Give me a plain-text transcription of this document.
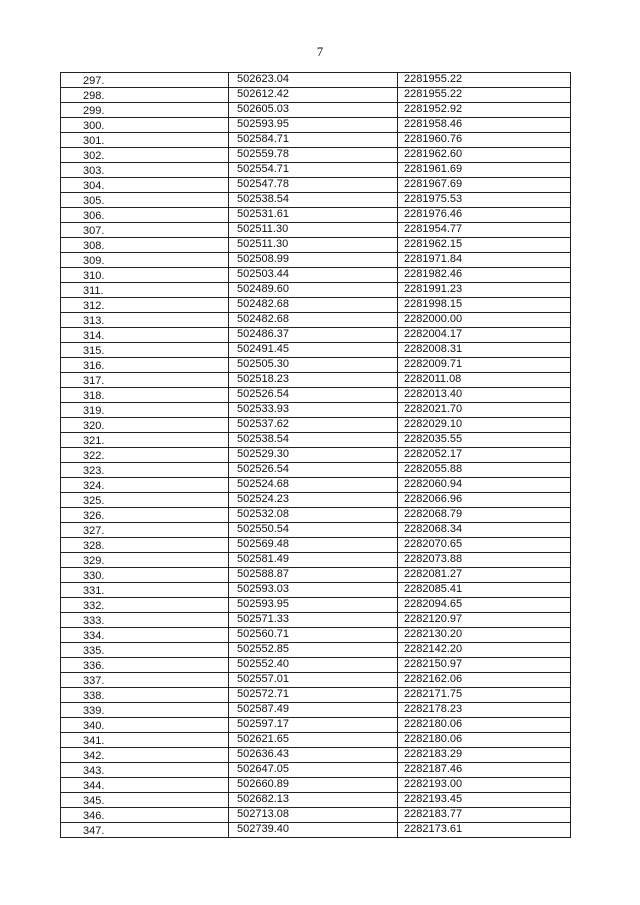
7
297.	502623.04	2281955.22
298.	502612.42	2281955.22
299.	502605.03	2281952.92
300.	502593.95	2281958.46
301.	502584.71	2281960.76
302.	502559.78	2281962.60
303.	502554.71	2281961.69
304.	502547.78	2281967.69
305.	502538.54	2281975.53
306.	502531.61	2281976.46
307.	502511.30	2281954.77
308.	502511.30	2281962.15
309.	502508.99	2281971.84
310.	502503.44	2281982.46
311.	502489.60	2281991.23
312.	502482.68	2281998.15
313.	502482.68	2282000.00
314.	502486.37	2282004.17
315.	502491.45	2282008.31
316.	502505.30	2282009.71
317.	502518.23	2282011.08
318.	502526.54	2282013.40
319.	502533.93	2282021.70
320.	502537.62	2282029.10
321.	502538.54	2282035.55
322.	502529.30	2282052.17
323.	502526.54	2282055.88
324.	502524.68	2282060.94
325.	502524.23	2282066.96
326.	502532.08	2282068.79
327.	502550.54	2282068.34
328.	502569.48	2282070.65
329.	502581.49	2282073.88
330.	502588.87	2282081.27
331.	502593.03	2282085.41
332.	502593.95	2282094.65
333.	502571.33	2282120.97
334.	502560.71	2282130.20
335.	502552.85	2282142.20
336.	502552.40	2282150.97
337.	502557.01	2282162.06
338.	502572.71	2282171.75
339.	502587.49	2282178.23
340.	502597.17	2282180.06
341.	502621.65	2282180.06
342.	502636.43	2282183.29
343.	502647.05	2282187.46
344.	502660.89	2282193.00
345.	502682.13	2282193.45
346.	502713.08	2282183.77
347.	502739.40	2282173.61
